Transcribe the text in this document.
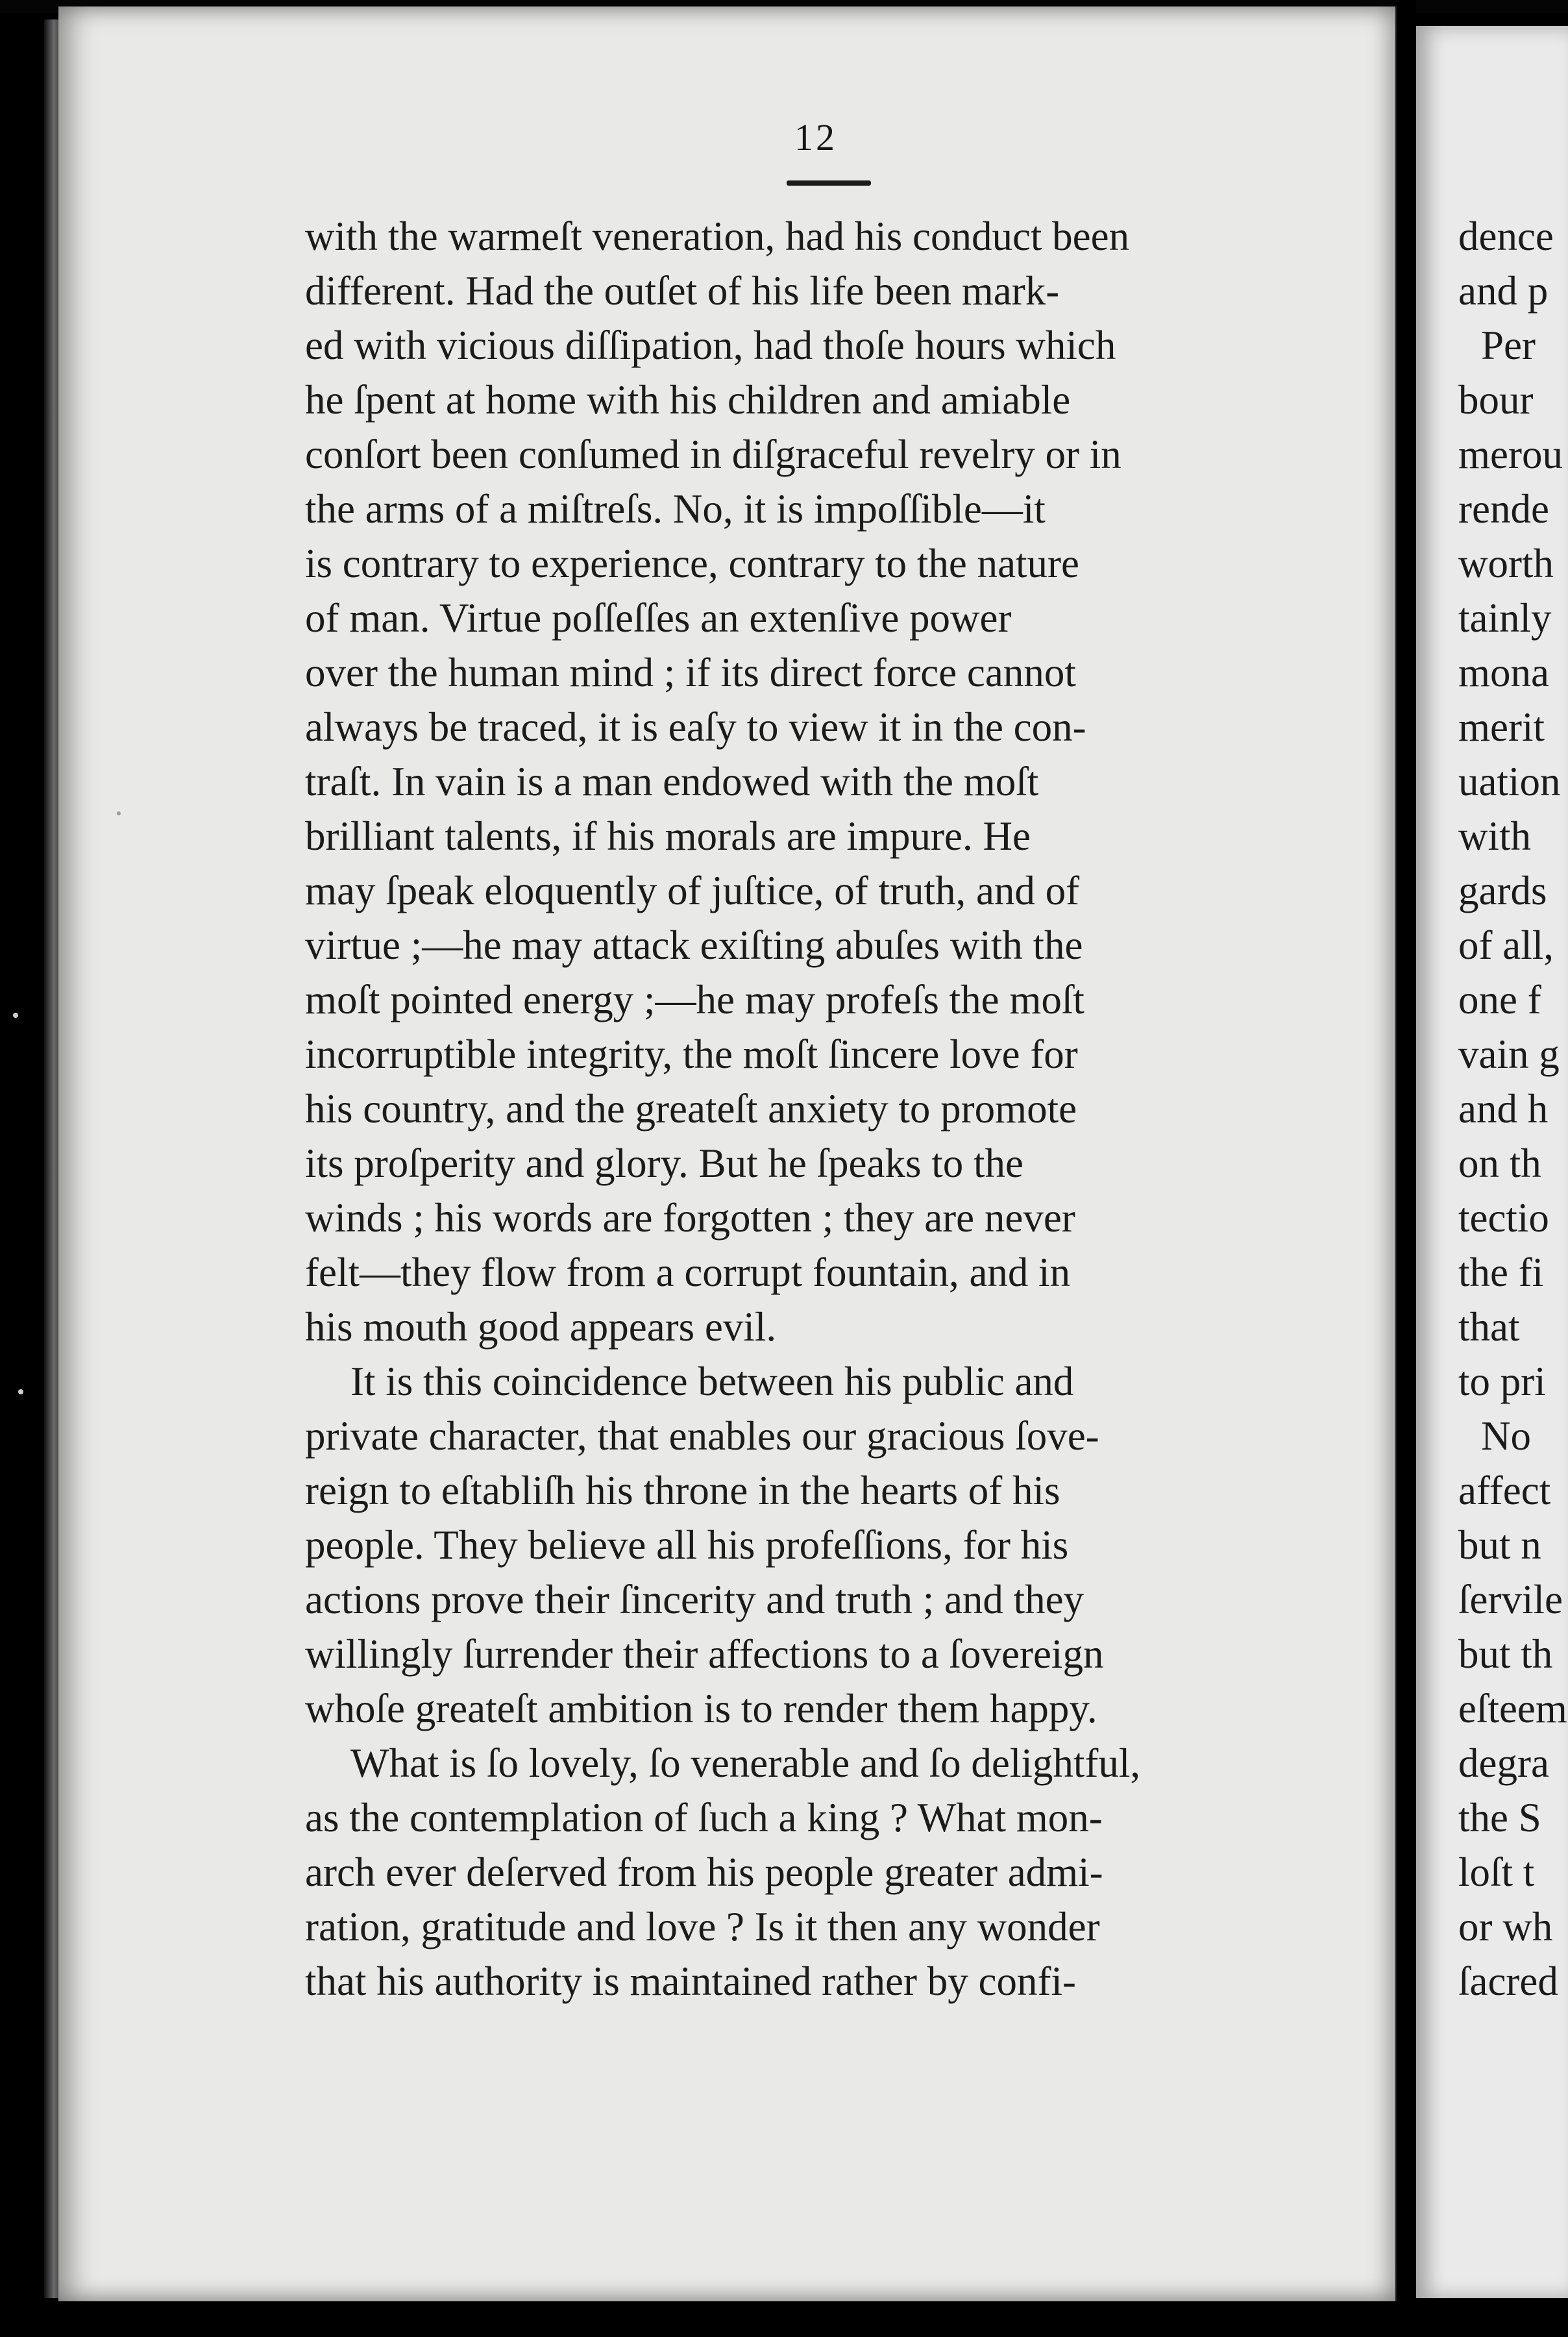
12
with the warmeſt veneration, had his conduct been
different. Had the outſet of his life been mark-
ed with vicious diſſipation, had thoſe hours which
he ſpent at home with his children and amiable
conſort been conſumed in diſgraceful revelry or in
the arms of a miſtreſs. No, it is impoſſible—it
is contrary to experience, contrary to the nature
of man. Virtue poſſeſſes an extenſive power
over the human mind ; if its direct force cannot
always be traced, it is eaſy to view it in the con-
traſt. In vain is a man endowed with the moſt
brilliant talents, if his morals are impure. He
may ſpeak eloquently of juſtice, of truth, and of
virtue ;—he may attack exiſting abuſes with the
moſt pointed energy ;—he may profeſs the moſt
incorruptible integrity, the moſt ſincere love for
his country, and the greateſt anxiety to promote
its proſperity and glory. But he ſpeaks to the
winds ; his words are forgotten ; they are never
felt—they flow from a corrupt fountain, and in
his mouth good appears evil.
It is this coincidence between his public and
private character, that enables our gracious ſove-
reign to eſtabliſh his throne in the hearts of his
people. They believe all his profeſſions, for his
actions prove their ſincerity and truth ; and they
willingly ſurrender their affections to a ſovereign
whoſe greateſt ambition is to render them happy.
What is ſo lovely, ſo venerable and ſo delightful,
as the contemplation of ſuch a king ? What mon-
arch ever deſerved from his people greater admi-
ration, gratitude and love ? Is it then any wonder
that his authority is maintained rather by confi-
dence
and p
Per
bour
merou
rende
worth
tainly
mona
merit
uation
with
gards
of all,
one f
vain g
and h
on th
tectio
the fi
that
to pri
No
affect
but n
ſervile
but th
eſteem
degra
the S
loſt t
or wh
ſacred
